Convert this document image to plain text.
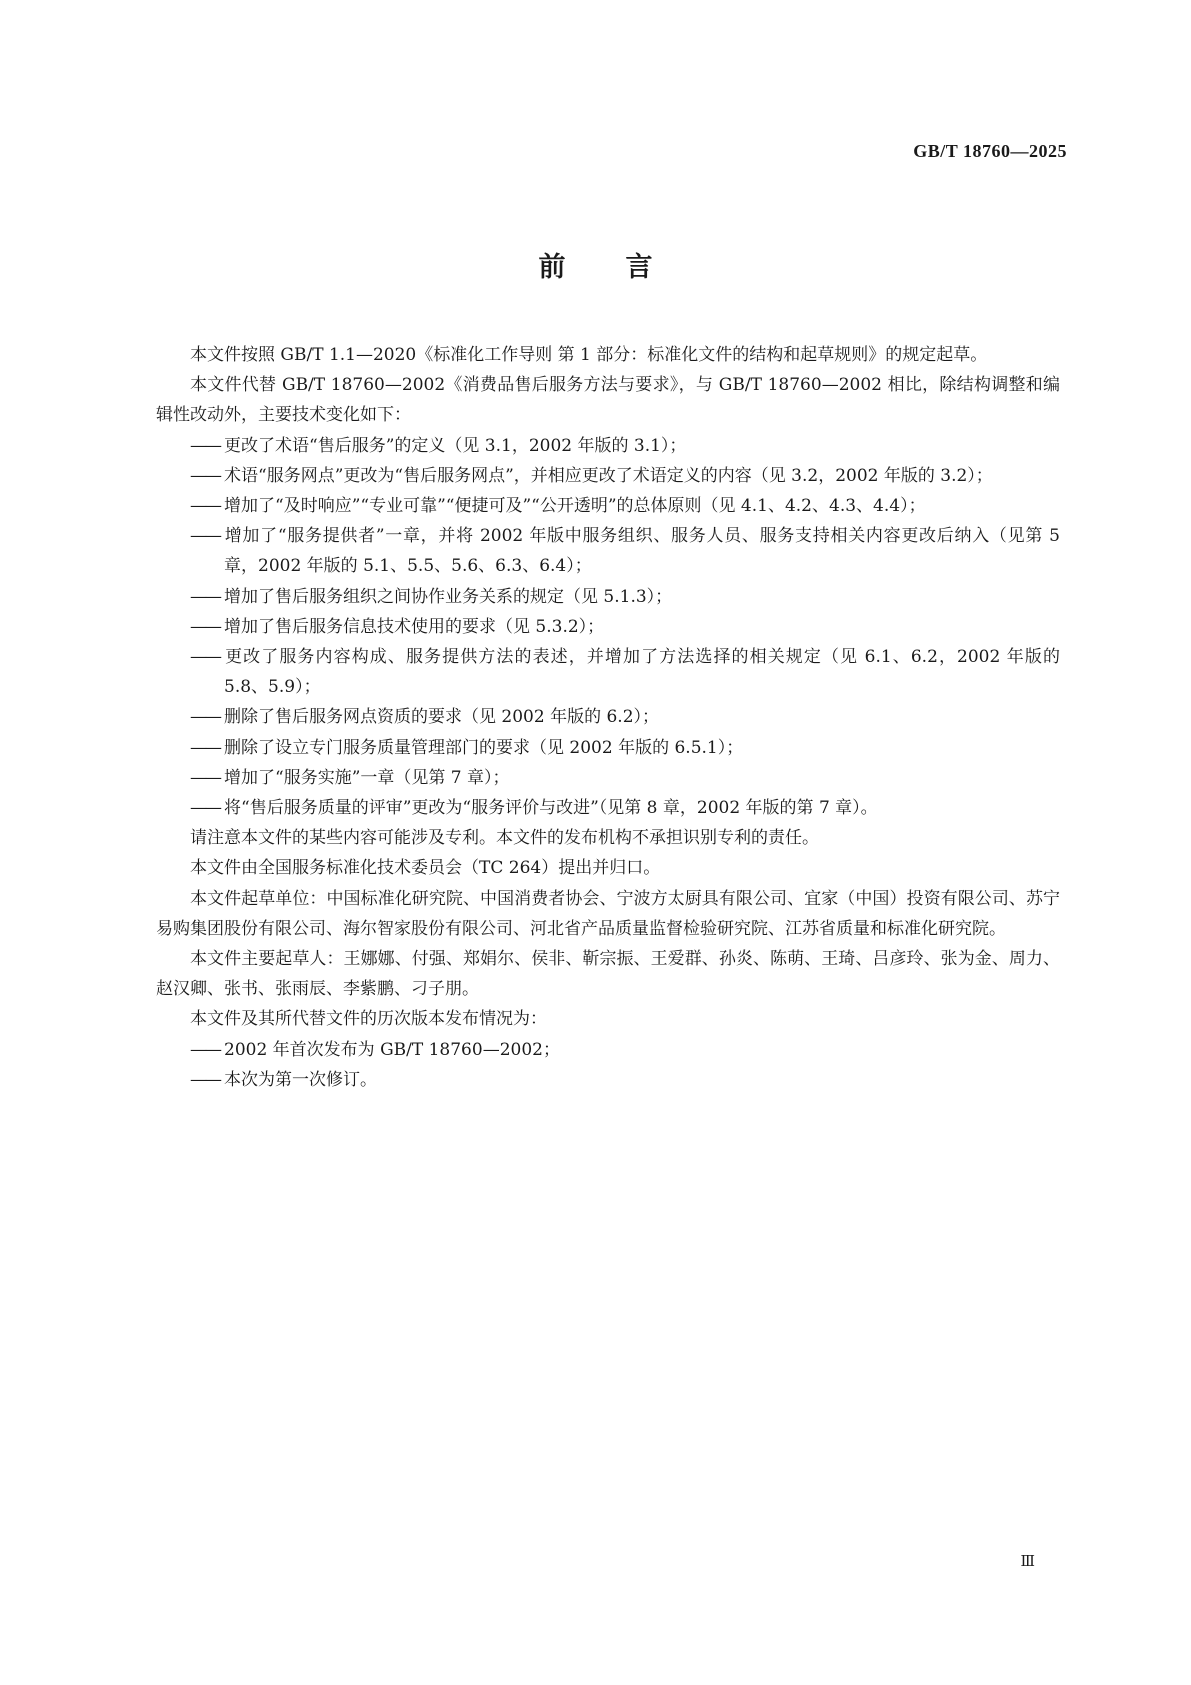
GB/T 18760—2025
前言

本文件按照 GB/T 1.1—2020《标准化工作导则 第 1 部分：标准化文件的结构和起草规则》的规定起草。

本文件代替 GB/T 18760—2002《消费品售后服务方法与要求》，与 GB/T 18760—2002 相比，除结构调整和编辑性改动外，主要技术变化如下：

—— 更改了术语“售后服务”的定义（见 3.1，2002 年版的 3.1）；

—— 术语“服务网点”更改为“售后服务网点”，并相应更改了术语定义的内容（见 3.2，2002 年版的 3.2）；

—— 增加了“及时响应”“专业可靠”“便捷可及”“公开透明”的总体原则（见 4.1、4.2、4.3、4.4）；

—— 增加了“服务提供者”一章，并将 2002 年版中服务组织、服务人员、服务支持相关内容更改后纳入（见第 5 章，2002 年版的 5.1、5.5、5.6、6.3、6.4）；

—— 增加了售后服务组织之间协作业务关系的规定（见 5.1.3）；

—— 增加了售后服务信息技术使用的要求（见 5.3.2）；

—— 更改了服务内容构成、服务提供方法的表述，并增加了方法选择的相关规定（见 6.1、6.2，2002 年版的 5.8、5.9）；

—— 删除了售后服务网点资质的要求（见 2002 年版的 6.2）；

—— 删除了设立专门服务质量管理部门的要求（见 2002 年版的 6.5.1）；

—— 增加了“服务实施”一章（见第 7 章）；

—— 将“售后服务质量的评审”更改为“服务评价与改进”（见第 8 章，2002 年版的第 7 章）。

请注意本文件的某些内容可能涉及专利。本文件的发布机构不承担识别专利的责任。

本文件由全国服务标准化技术委员会（TC 264）提出并归口。

本文件起草单位：中国标准化研究院、中国消费者协会、宁波方太厨具有限公司、宜家（中国）投资有限公司、苏宁易购集团股份有限公司、海尔智家股份有限公司、河北省产品质量监督检验研究院、江苏省质量和标准化研究院。

本文件主要起草人：王娜娜、付强、郑娟尔、侯非、靳宗振、王爱群、孙炎、陈萌、王琦、吕彦玲、张为金、周力、赵汉卿、张书、张雨辰、李紫鹏、刁子朋。

本文件及其所代替文件的历次版本发布情况为：

—— 2002 年首次发布为 GB/T 18760—2002；

—— 本次为第一次修订。

Ⅲ
